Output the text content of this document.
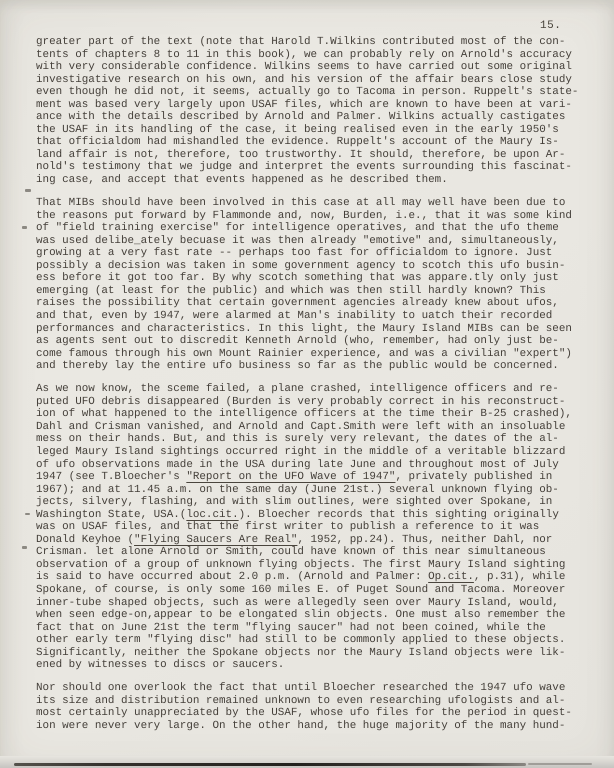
15.
greater part of the text (note that Harold T.Wilkins contributed most of the con-
tents of chapters 8 to 11 in this book), we can probably rely on Arnold's accuracy
with very considerable confidence. Wilkins seems to have carried out some original
investigative research on his own, and his version of the affair bears close study
even though he did not, it seems, actually go to Tacoma in person. Ruppelt's state-
ment was based very largely upon USAF files, which are known to have been at vari-
ance with the details described by Arnold and Palmer. Wilkins actually castigates
the USAF in its handling of the case, it being realised even in the early 1950's
that officialdom had mishandled the evidence. Ruppelt's account of the Maury Is-
land affair is not, therefore, too trustworthy. It should, therefore, be upon Ar-
nold's testimony that we judge and interpret the events surrounding this fascinat-
ing case, and accept that events happened as he described them.
That MIBs should have been involved in this case at all may well have been due to
the reasons put forward by Flammonde and, now, Burden, i.e., that it was some kind
of "field training exercise" for intelligence operatives, and that the ufo theme
was used delibe_ately becuase it was then already "emotive" and, simultaneously,
growing at a very fast rate -- perhaps too fast for officialdom to ignore. Just
possibly a decision was taken in some government agency to scotch this ufo busin-
ess before it got too far. By why scotch something that was appare.tly only just
emerging (at least for the public) and which was then still hardly known? This
raises the possibility that certain government agencies already knew about ufos,
and that, even by 1947, were alarmed at Man's inability to uatch their recorded
performances and characteristics. In this light, the Maury Island MIBs can be seen
as agents sent out to discredit Kenneth Arnold (who, remember, had only just be-
come famous through his own Mount Rainier experience, and was a civilian "expert")
and thereby lay the entire ufo business so far as the public would be concerned.
As we now know, the sceme failed, a plane crashed, intelligence officers and re-
puted UFO debris disappeared (Burden is very probably correct in his reconstruct-
ion of what happened to the intelligence officers at the time their B-25 crashed),
Dahl and Crisman vanished, and Arnold and Capt.Smith were left with an insoluable
mess on their hands. But, and this is surely very relevant, the dates of the al-
leged Maury Island sightings occurred right in the middle of a veritable blizzard
of ufo observations made in the USA during late June and throughout most of July
1947 (see T.Bloecher's "Report on the UFO Wave of 1947", privately published in
1967); and at 11.45 a.m. on the same day (June 21st.) several unknown flying ob-
jects, silvery, flashing, and with slim outlines, were sighted over Spokane, in
Washington State, USA.(loc.cit.). Bloecher records that this sighting originally
was on USAF files, and that the first writer to publish a reference to it was
Donald Keyhoe ("Flying Saucers Are Real", 1952, pp.24). Thus, neither Dahl, nor
Crisman. let alone Arnold or Smith, could have known of this near simultaneous
observation of a group of unknown flying objects. The first Maury Island sighting
is said to have occurred about 2.0 p.m. (Arnold and Palmer: Op.cit., p.31), while
Spokane, of course, is only some 160 miles E. of Puget Sound and Tacoma. Moreover
inner-tube shaped objects, such as were allegedly seen over Maury Island, would,
when seen edge-on,appear to be elongated slin objects. One must also remember the
fact that on June 21st the term "flying saucer" had not been coined, while the
other early term "flying disc" had still to be commonly applied to these objects.
Significantly, neither the Spokane objects nor the Maury Island objects were lik-
ened by witnesses to discs or saucers.
Nor should one overlook the fact that until Bloecher researched the 1947 ufo wave
its size and distribution remained unknown to even researching ufologists and al-
most certainly unappreciated by the USAF, whose ufo files for the period in quest-
ion were never very large. On the other hand, the huge majority of the many hund-
